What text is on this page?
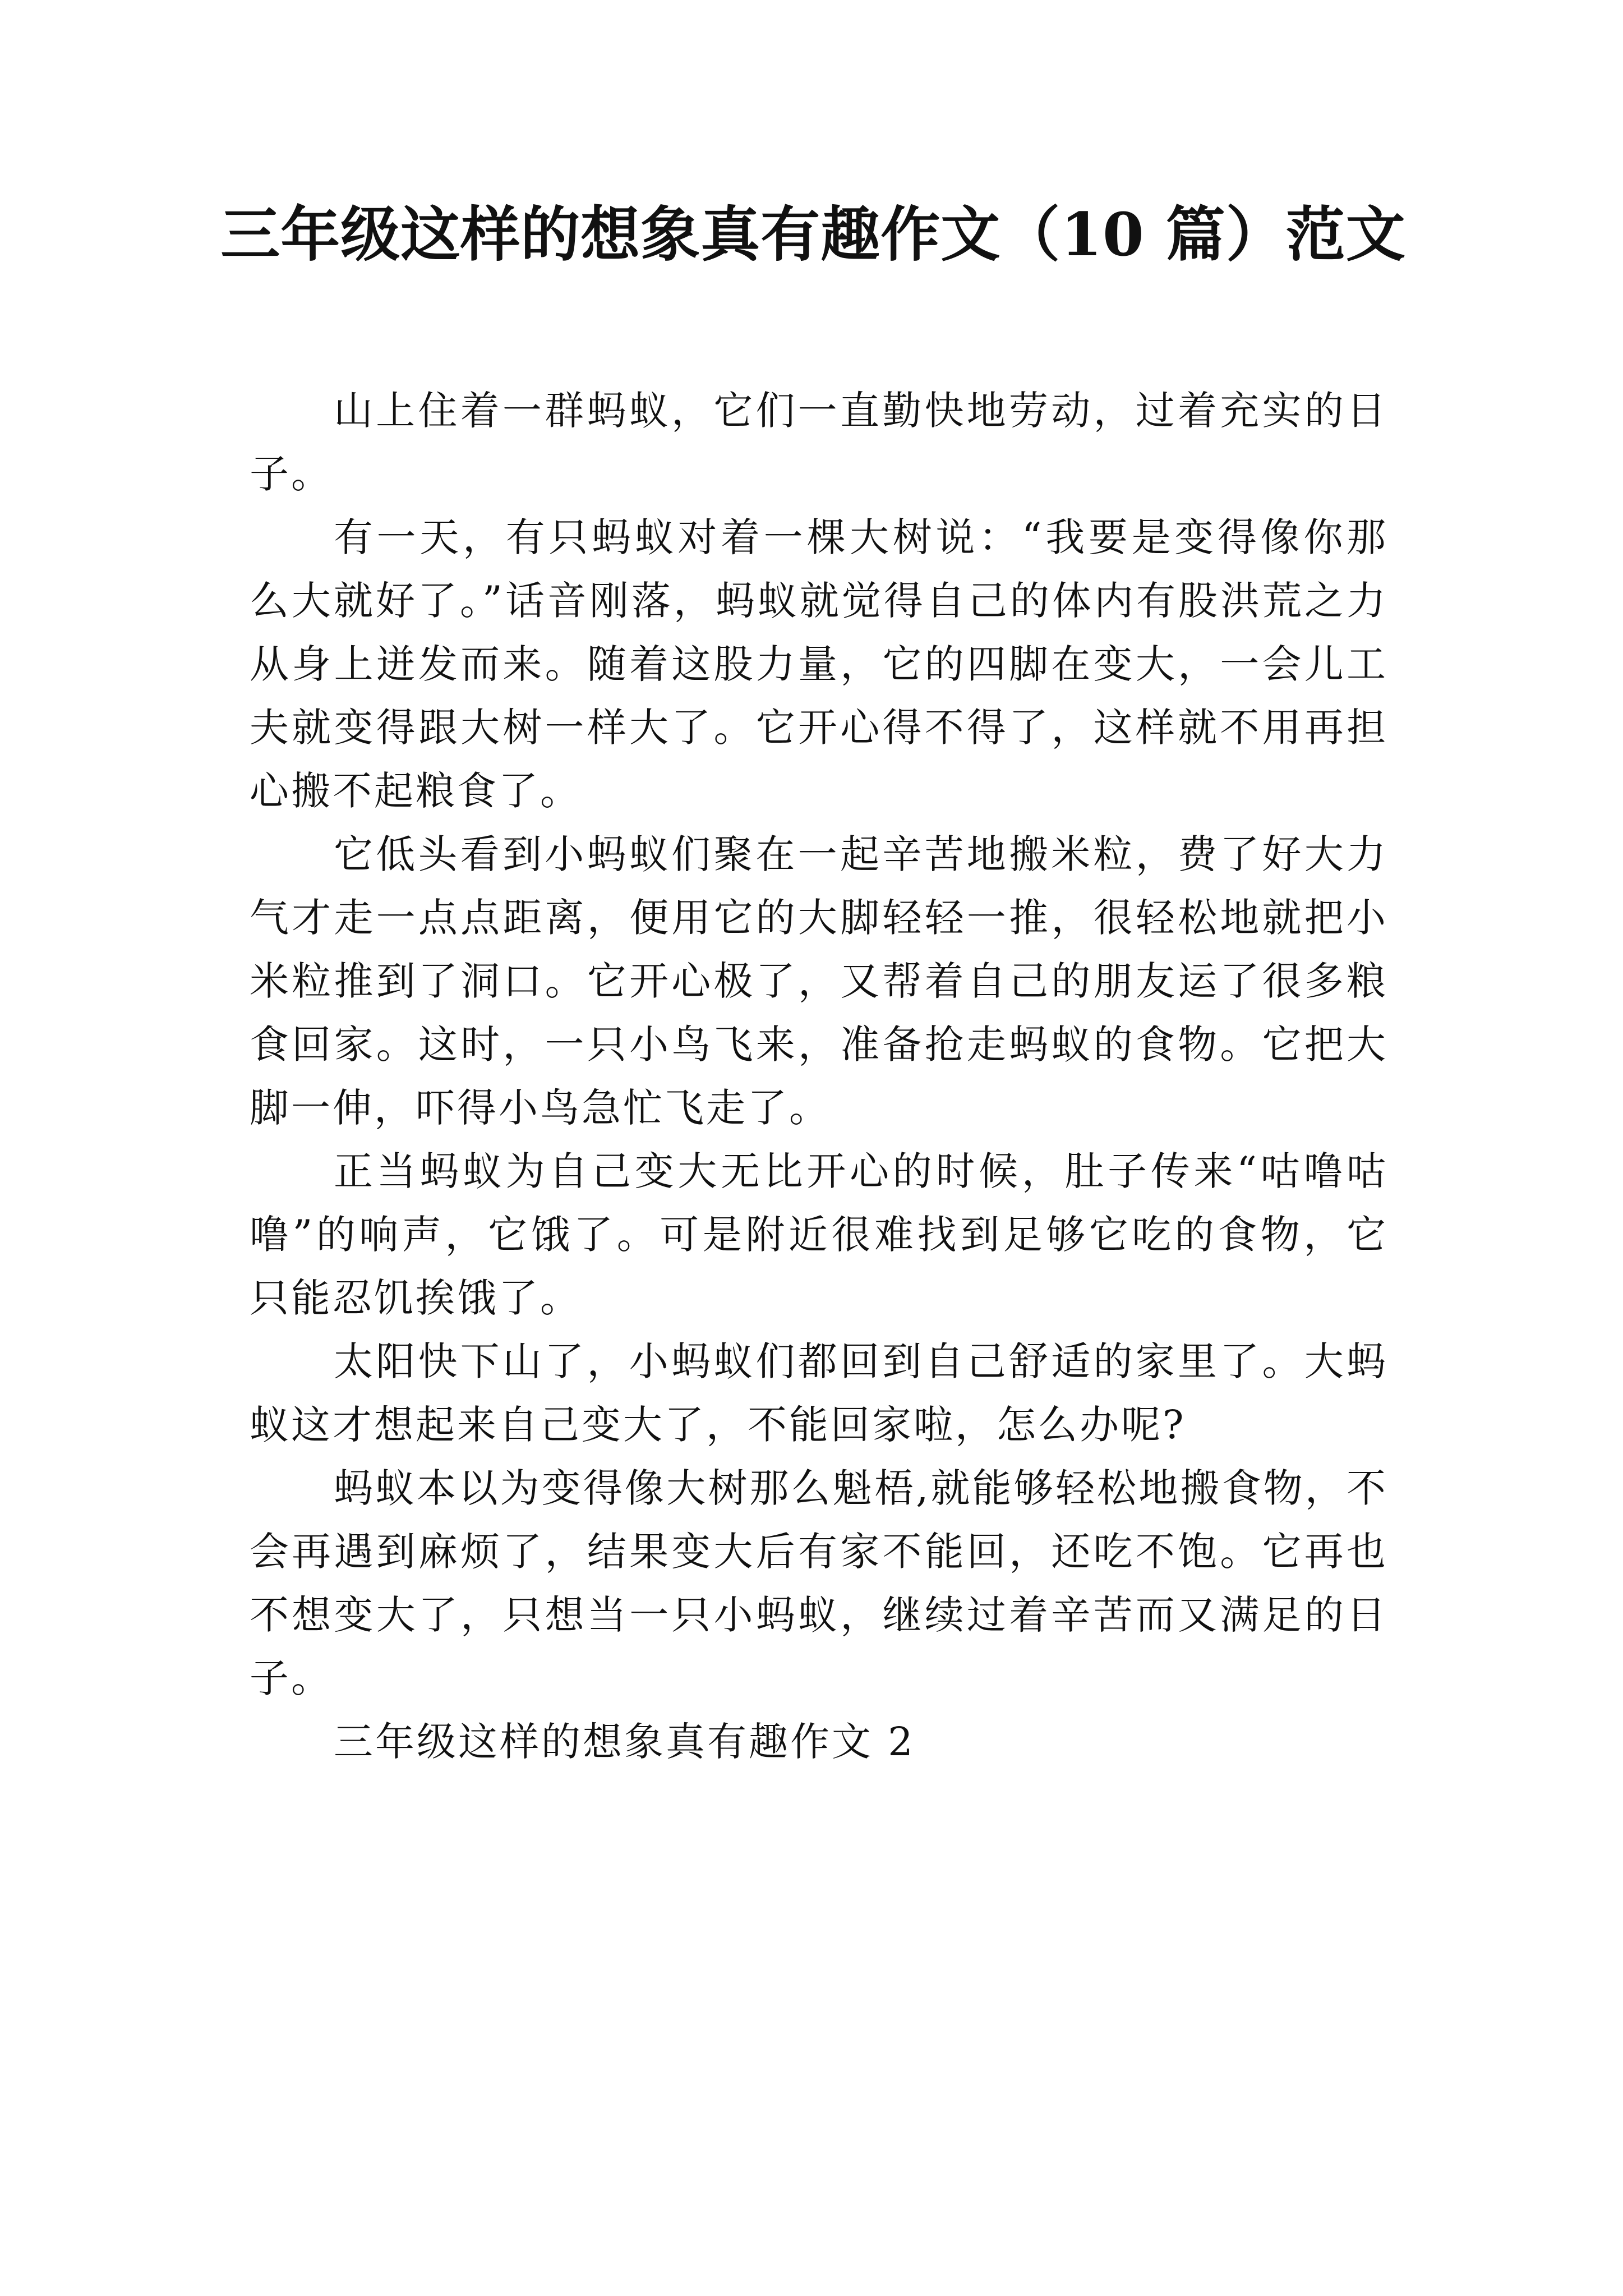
三年级这样的想象真有趣作文（10 篇）范文

山上住着一群蚂蚁，它们一直勤快地劳动，过着充实的日子。

有一天，有只蚂蚁对着一棵大树说：“我要是变得像你那么大就好了。”话音刚落，蚂蚁就觉得自己的体内有股洪荒之力从身上迸发而来。随着这股力量，它的四脚在变大，一会儿工夫就变得跟大树一样大了。它开心得不得了，这样就不用再担心搬不起粮食了。

它低头看到小蚂蚁们聚在一起辛苦地搬米粒，费了好大力气才走一点点距离，便用它的大脚轻轻一推，很轻松地就把小米粒推到了洞口。它开心极了，又帮着自己的朋友运了很多粮食回家。这时，一只小鸟飞来，准备抢走蚂蚁的食物。它把大脚一伸，吓得小鸟急忙飞走了。

正当蚂蚁为自己变大无比开心的时候，肚子传来“咕噜咕噜”的响声，它饿了。可是附近很难找到足够它吃的食物，它只能忍饥挨饿了。

太阳快下山了，小蚂蚁们都回到自己舒适的家里了。大蚂蚁这才想起来自己变大了，不能回家啦，怎么办呢?

蚂蚁本以为变得像大树那么魁梧,就能够轻松地搬食物，不会再遇到麻烦了，结果变大后有家不能回，还吃不饱。它再也不想变大了，只想当一只小蚂蚁，继续过着辛苦而又满足的日子。

三年级这样的想象真有趣作文 2
